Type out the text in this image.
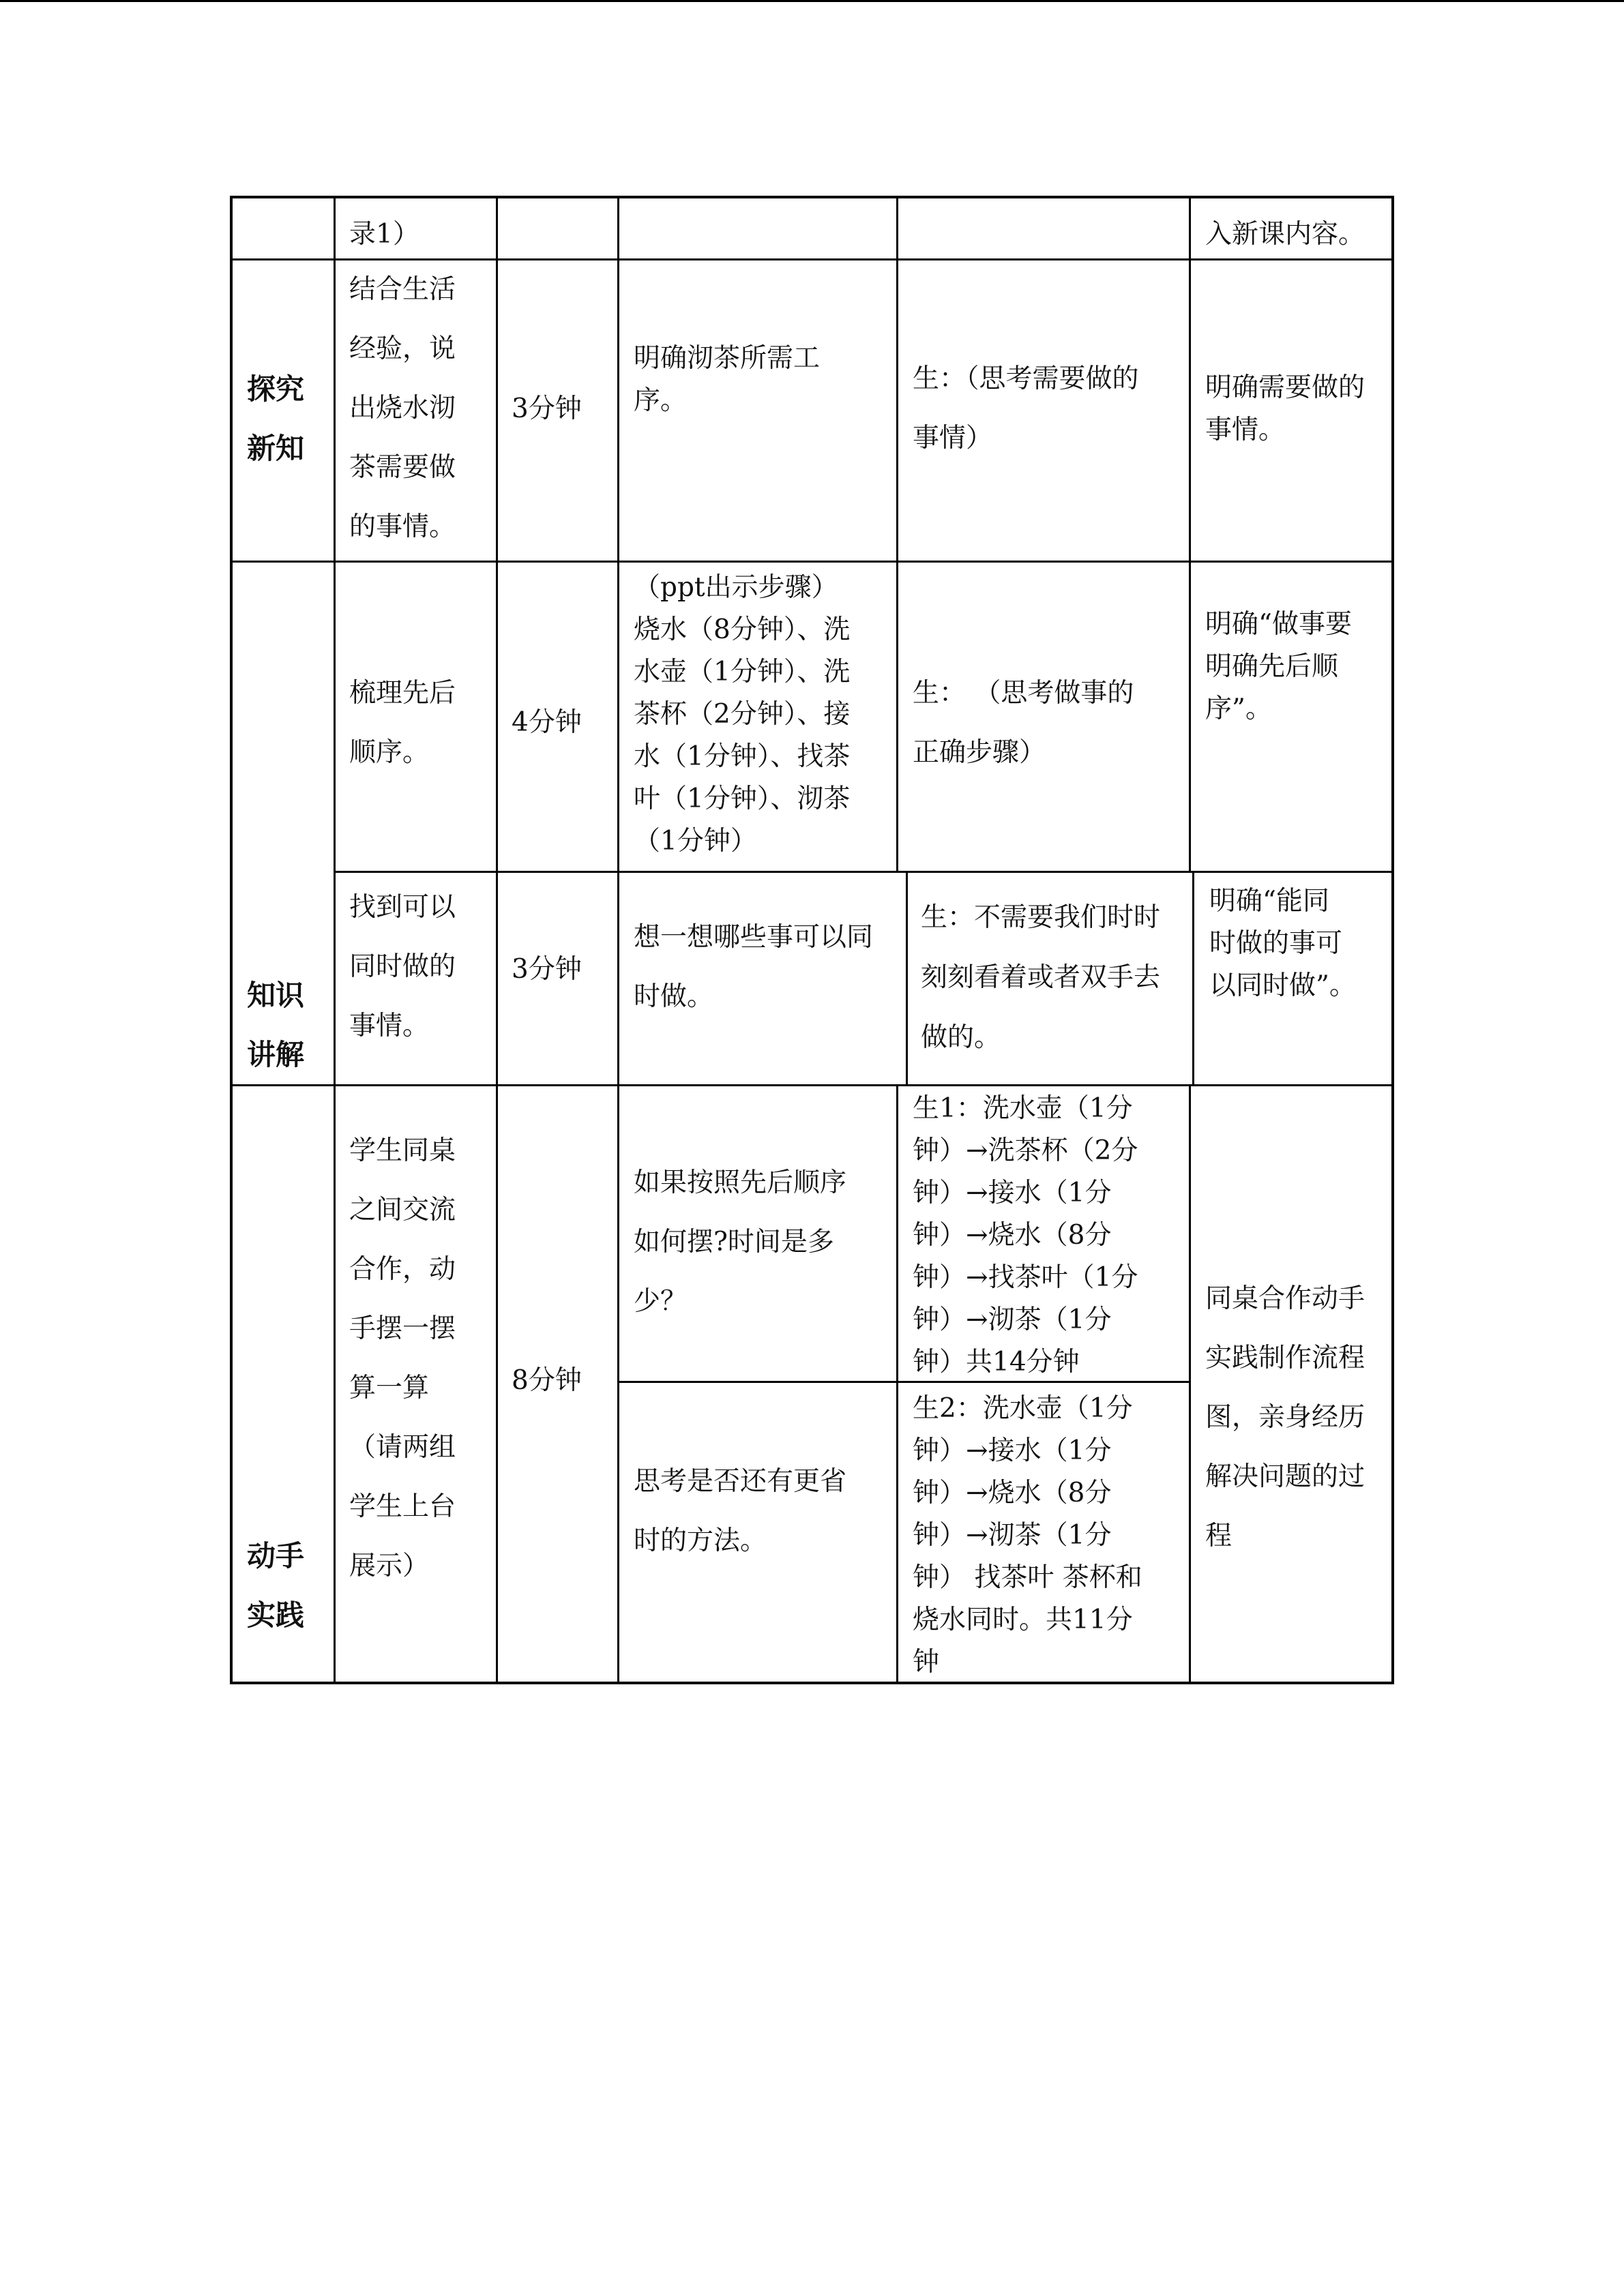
录1）	入新课内容。
探究
新知
结合生活
经验，说
出烧水沏
茶需要做
的事情。
3分钟
明确沏茶所需工
序。
生：（思考需要做的
事情）
明确需要做的
事情。
知识
讲解
梳理先后
顺序。
4分钟
（ppt出示步骤）
烧水（8分钟）、洗
水壶（1分钟）、洗
茶杯（2分钟）、接
水（1分钟）、找茶
叶（1分钟）、沏茶
（1分钟）
生： （思考做事的
正确步骤）
明确“做事要
明确先后顺
序”。
找到可以
同时做的
事情。
3分钟
想一想哪些事可以同
时做。
生：不需要我们时时
刻刻看着或者双手去
做的。
明确“能同
时做的事可
以同时做”。
动手
实践
学生同桌
之间交流
合作，动
手摆一摆
算一算
（请两组
学生上台
展示）
8分钟
如果按照先后顺序
如何摆?时间是多
少？
生1：洗水壶（1分
钟）→洗茶杯（2分
钟）→接水（1分
钟）→烧水（8分
钟）→找茶叶（1分
钟）→沏茶（1分
钟）共14分钟
思考是否还有更省
时的方法。
生2：洗水壶（1分
钟）→接水（1分
钟）→烧水（8分
钟）→沏茶（1分
钟） 找茶叶 茶杯和
烧水同时。共11分
钟
同桌合作动手
实践制作流程
图，亲身经历
解决问题的过
程
